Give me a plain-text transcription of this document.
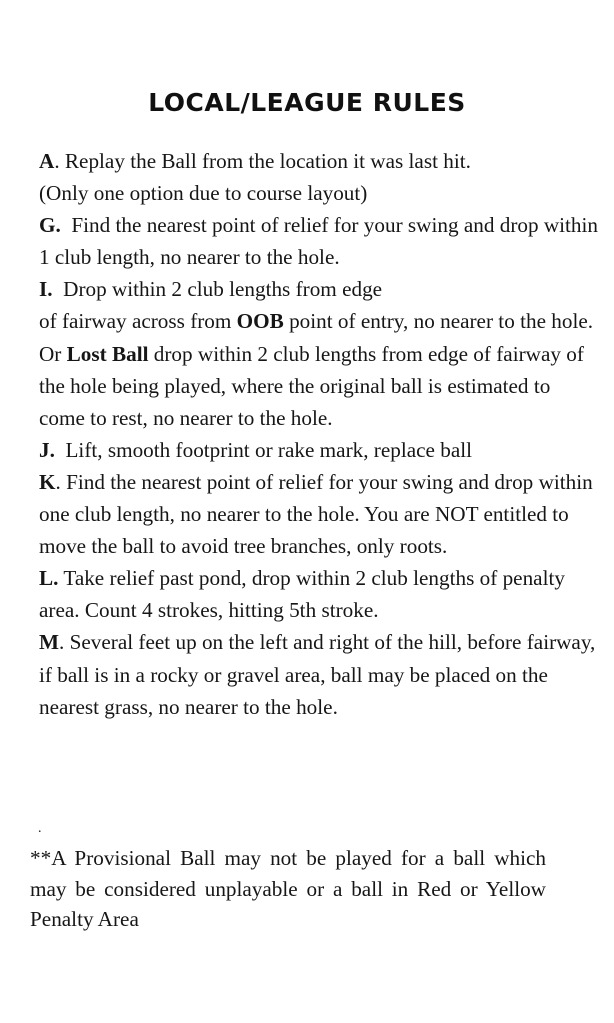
LOCAL/LEAGUE RULES

A. Replay the Ball from the location it was last hit.
(Only one option due to course layout)

G.  Find the nearest point of relief for your swing and drop within 1 club length, no nearer to the hole.

I.  Drop within 2 club lengths from edge
of fairway across from OOB point of entry, no nearer to the hole. Or Lost Ball drop within 2 club lengths from edge of fairway of the hole being played, where the original ball is estimated to come to rest, no nearer to the hole.

J.  Lift, smooth footprint or rake mark, replace ball

K. Find the nearest point of relief for your swing and drop within one club length, no nearer to the hole. You are NOT entitled to move the ball to avoid tree branches, only roots.

L. Take relief past pond, drop within 2 club lengths of penalty area. Count 4 strokes, hitting 5th stroke.

M. Several feet up on the left and right of the hill, before fairway, if ball is in a rocky or gravel area, ball may be placed on the nearest grass, no nearer to the hole.

.
**A Provisional Ball may not be played for a ball which may be considered unplayable or a ball in Red or Yellow Penalty Area
